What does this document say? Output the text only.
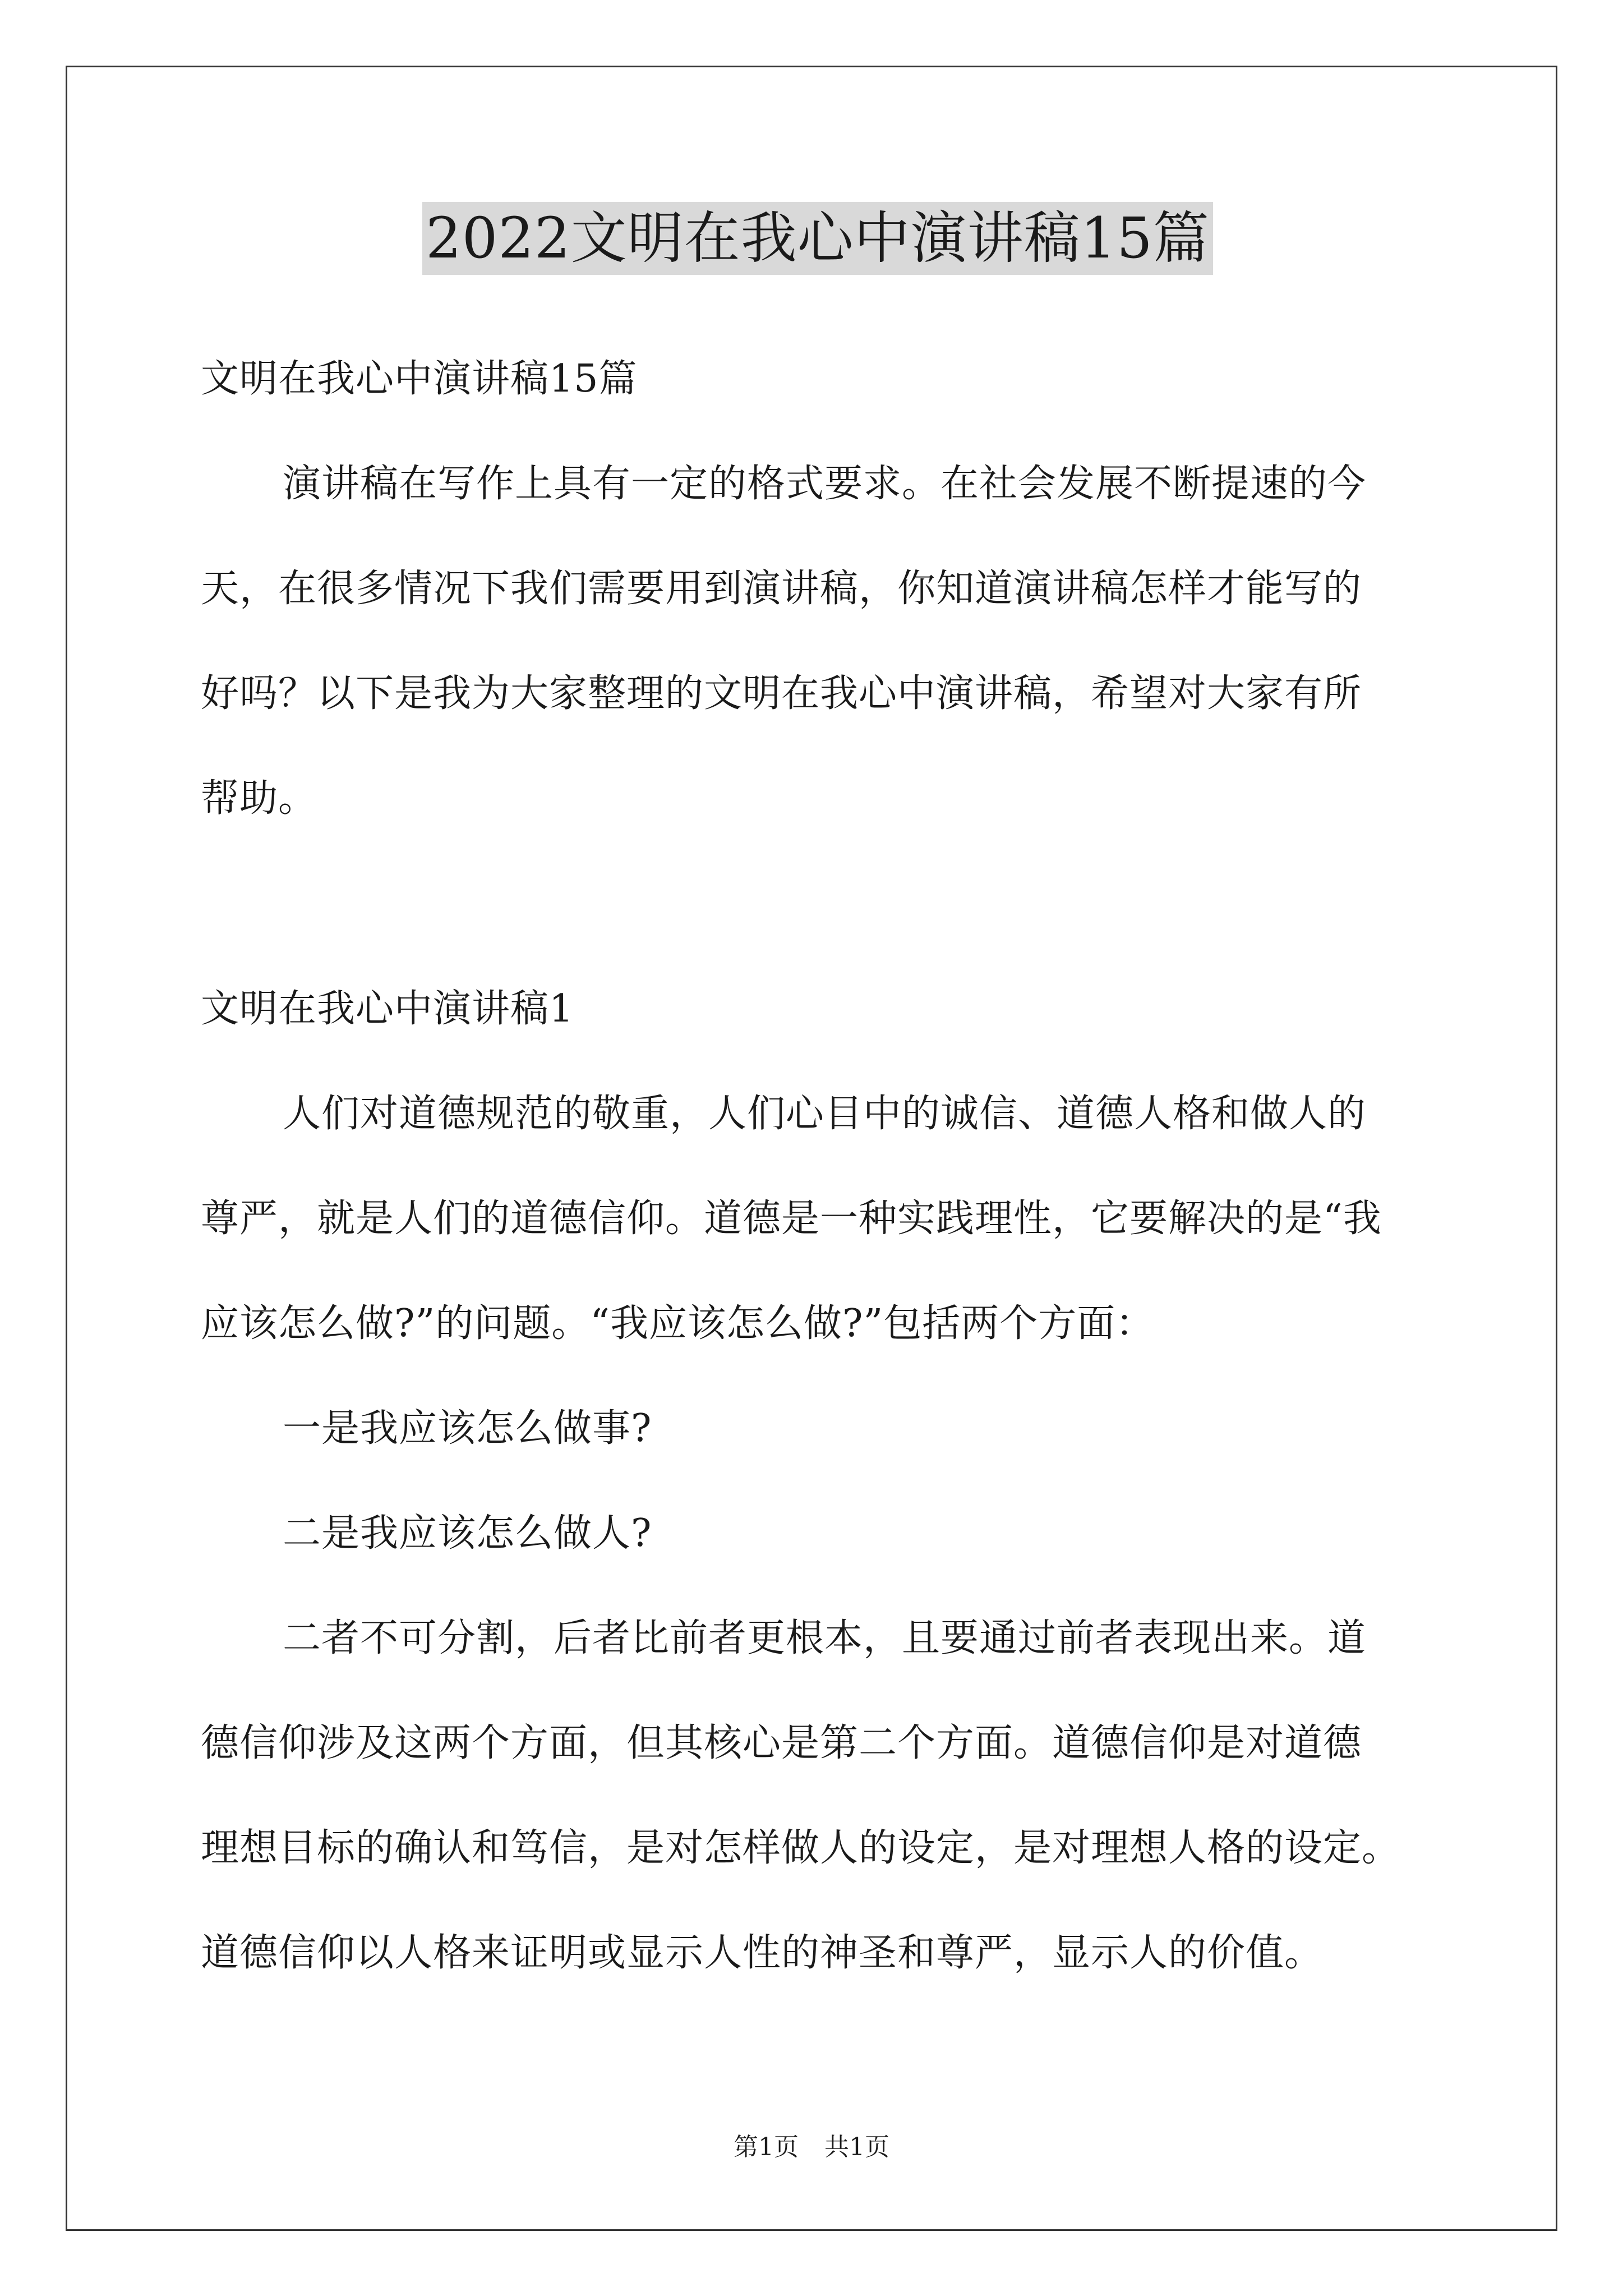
2022文明在我心中演讲稿15篇
文明在我心中演讲稿15篇
演讲稿在写作上具有一定的格式要求。在社会发展不断提速的今
天，在很多情况下我们需要用到演讲稿，你知道演讲稿怎样才能写的
好吗？以下是我为大家整理的文明在我心中演讲稿，希望对大家有所
帮助。
文明在我心中演讲稿1
人们对道德规范的敬重，人们心目中的诚信、道德人格和做人的
尊严，就是人们的道德信仰。道德是一种实践理性，它要解决的是“我
应该怎么做?”的问题。“我应该怎么做?”包括两个方面：
一是我应该怎么做事?
二是我应该怎么做人?
二者不可分割，后者比前者更根本，且要通过前者表现出来。道
德信仰涉及这两个方面，但其核心是第二个方面。道德信仰是对道德
理想目标的确认和笃信，是对怎样做人的设定，是对理想人格的设定。
道德信仰以人格来证明或显示人性的神圣和尊严，显示人的价值。
第1页 共1页
